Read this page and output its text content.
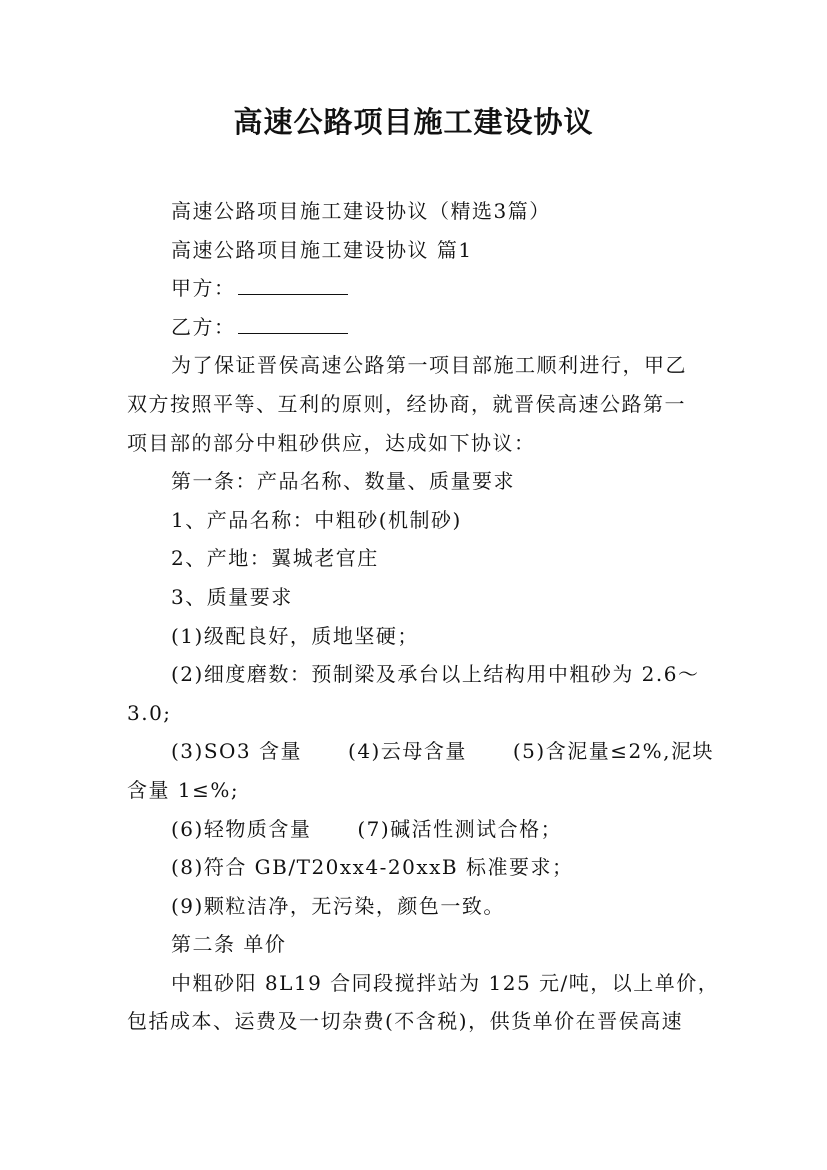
高速公路项目施工建设协议

高速公路项目施工建设协议（精选3篇）

高速公路项目施工建设协议 篇1

甲方：

乙方：

为了保证晋侯高速公路第一项目部施工顺利进行，甲乙

双方按照平等、互利的原则，经协商，就晋侯高速公路第一

项目部的部分中粗砂供应，达成如下协议：

第一条：产品名称、数量、质量要求

1、产品名称：中粗砂(机制砂)

2、产地：翼城老官庄

3、质量要求

(1)级配良好，质地坚硬；

(2)细度磨数：预制梁及承台以上结构用中粗砂为 2.6～

3.0;

(3)SO3 含量 (4)云母含量 (5)含泥量≤2%,泥块

含量 1≤%;

(6)轻物质含量 (7)碱活性测试合格；

(8)符合 GB/T20xx4-20xxB 标准要求；

(9)颗粒洁净，无污染，颜色一致。

第二条 单价

中粗砂阳 8L19 合同段搅拌站为 125 元/吨，以上单价，

包括成本、运费及一切杂费(不含税)，供货单价在晋侯高速
